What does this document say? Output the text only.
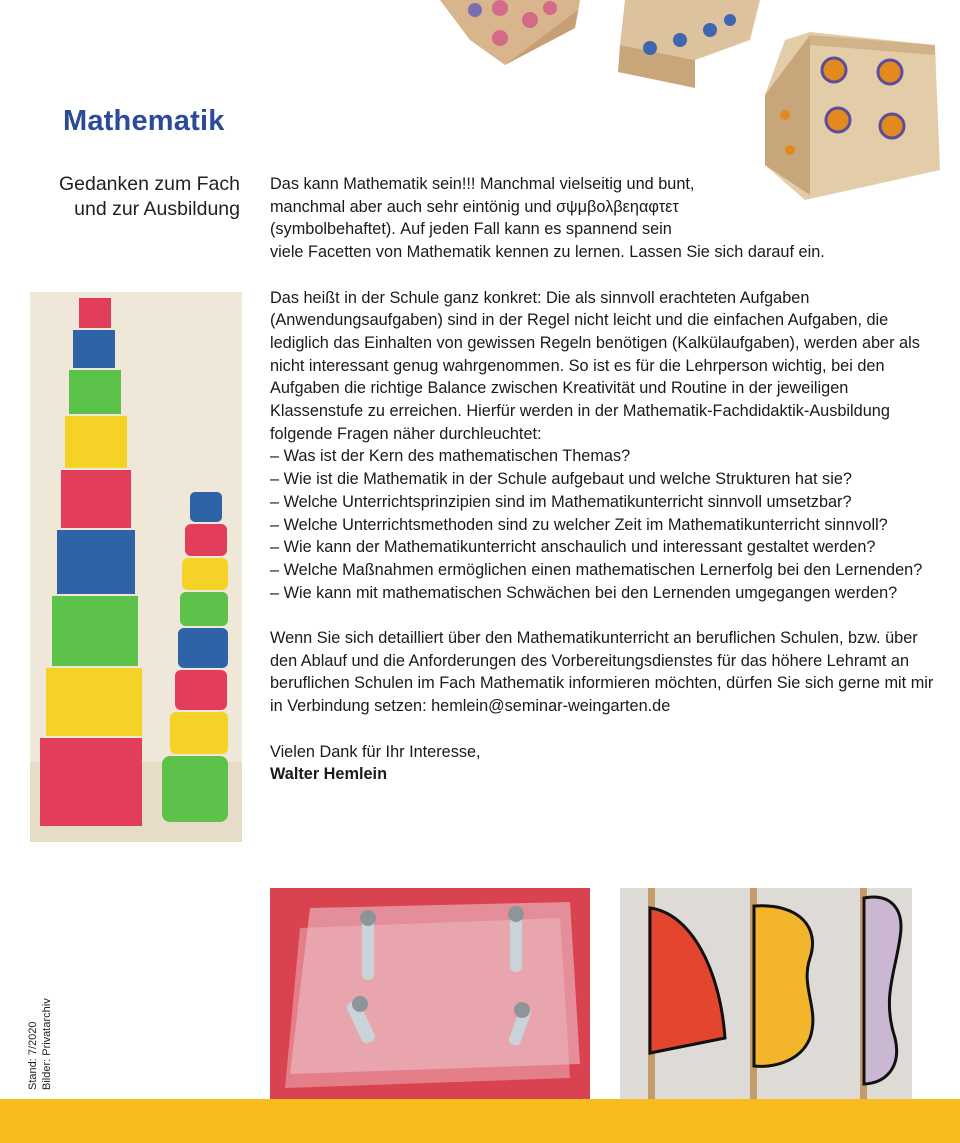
Mathematik
Gedanken zum Fach
und zur Ausbildung

Das kann Mathematik sein!!! Manchmal vielseitig und bunt,
manchmal aber auch sehr eintönig und σψμβολβεηαφτετ
(symbolbehaftet). Auf jeden Fall kann es spannend sein

viele Facetten von Mathematik kennen zu lernen. Lassen Sie sich darauf ein.

Das heißt in der Schule ganz konkret: Die als sinnvoll erachteten Aufgaben (Anwendungsaufgaben) sind in der Regel nicht leicht und die einfachen Aufgaben, die lediglich das Einhalten von gewissen Regeln benötigen (Kalkülaufgaben), werden aber als nicht interessant genug wahrgenommen. So ist es für die Lehrperson wichtig, bei den Aufgaben die richtige Balance zwischen Kreativität und Routine in der jeweiligen Klassenstufe zu erreichen. Hierfür werden in der Mathematik-Fachdidaktik-Ausbildung folgende Fragen näher durchleuchtet:

– Was ist der Kern des mathematischen Themas?
– Wie ist die Mathematik in der Schule aufgebaut und welche Strukturen hat sie?
– Welche Unterrichtsprinzipien sind im Mathematikunterricht sinnvoll umsetzbar?
– Welche Unterrichtsmethoden sind zu welcher Zeit im Mathematikunterricht sinnvoll?
– Wie kann der Mathematikunterricht anschaulich und interessant gestaltet werden?
– Welche Maßnahmen ermöglichen einen mathematischen Lernerfolg bei den Lernenden?
– Wie kann mit mathematischen Schwächen bei den Lernenden umgegangen werden?

Wenn Sie sich detailliert über den Mathematikunterricht an beruflichen Schulen, bzw. über den Ablauf und die Anforderungen des Vorbereitungsdienstes für das höhere Lehramt an beruflichen Schulen im Fach Mathematik informieren möchten, dürfen Sie sich gerne mit mir in Verbindung setzen: hemlein@seminar-weingarten.de

Vielen Dank für Ihr Interesse,

Walter Hemlein

Stand: 7/2020 Bilder: Privatarchiv
